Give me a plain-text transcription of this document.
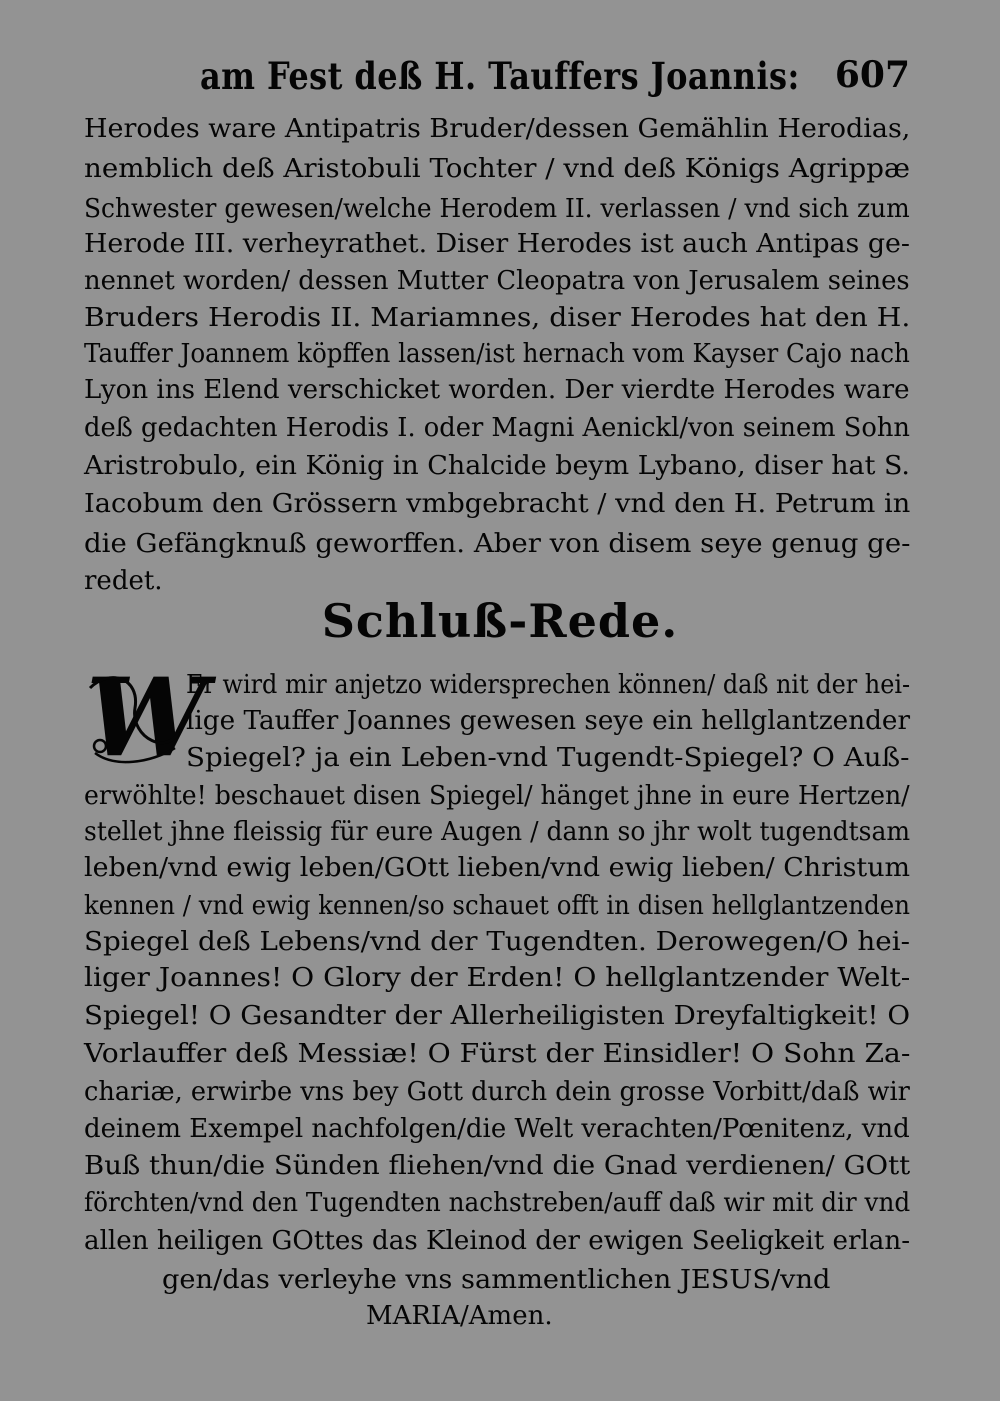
am Fest deß H. Tauffers Joannis: 607
Herodes ware Antipatris Bruder/dessen Gemählin Herodias,
nemblich deß Aristobuli Tochter / vnd deß Königs Agrippæ
Schwester gewesen/welche Herodem II. verlassen / vnd sich zum
Herode III. verheyrathet. Diser Herodes ist auch Antipas ge-
nennet worden/ dessen Mutter Cleopatra von Jerusalem seines
Bruders Herodis II. Mariamnes, diser Herodes hat den H.
Tauffer Joannem köpffen lassen/ist hernach vom Kayser Cajo nach
Lyon ins Elend verschicket worden. Der vierdte Herodes ware
deß gedachten Herodis I. oder Magni Aenickl/von seinem Sohn
Aristrobulo, ein König in Chalcide beym Lybano, diser hat S.
Iacobum den Grössern vmbgebracht / vnd den H. Petrum in
die Gefängknuß geworffen. Aber von disem seye genug ge-
redet.
Schluß-Rede.
W
Er wird mir anjetzo widersprechen können/ daß nit der hei-
lige Tauffer Joannes gewesen seye ein hellglantzender
Spiegel? ja ein Leben-vnd Tugendt-Spiegel? O Auß-
erwöhlte! beschauet disen Spiegel/ hänget jhne in eure Hertzen/
stellet jhne fleissig für eure Augen / dann so jhr wolt tugendtsam
leben/vnd ewig leben/GOtt lieben/vnd ewig lieben/ Christum
kennen / vnd ewig kennen/so schauet offt in disen hellglantzenden
Spiegel deß Lebens/vnd der Tugendten. Derowegen/O hei-
liger Joannes! O Glory der Erden! O hellglantzender Welt-
Spiegel! O Gesandter der Allerheiligisten Dreyfaltigkeit! O
Vorlauffer deß Messiæ! O Fürst der Einsidler! O Sohn Za-
chariæ, erwirbe vns bey Gott durch dein grosse Vorbitt/daß wir
deinem Exempel nachfolgen/die Welt verachten/Pœnitenz, vnd
Buß thun/die Sünden fliehen/vnd die Gnad verdienen/ GOtt
förchten/vnd den Tugendten nachstreben/auff daß wir mit dir vnd
allen heiligen GOttes das Kleinod der ewigen Seeligkeit erlan-
gen/das verleyhe vns sammentlichen JESUS/vnd
MARIA/Amen.
